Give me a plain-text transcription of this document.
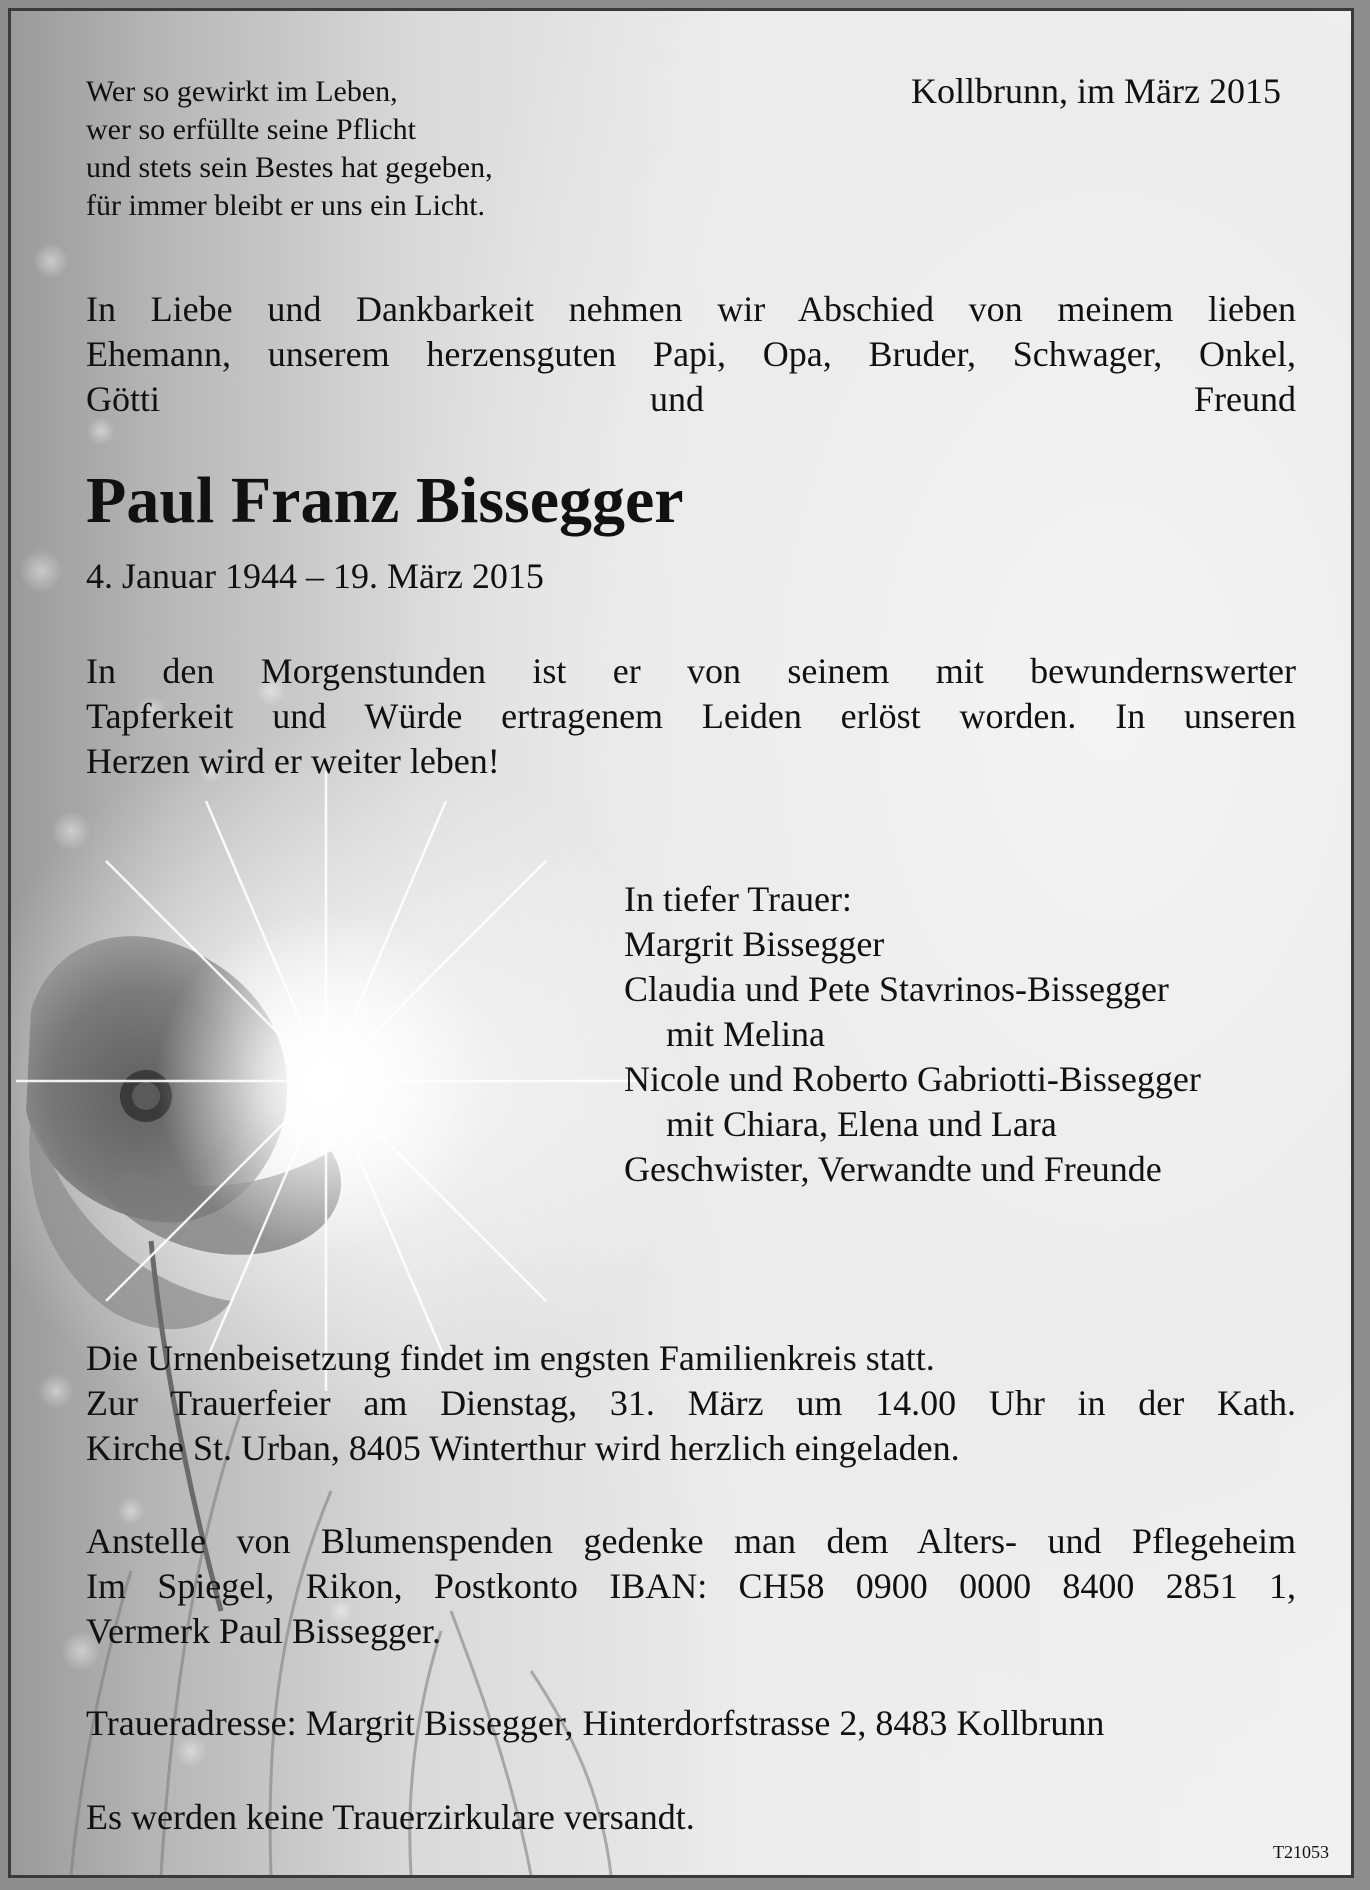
Wer so gewirkt im Leben,
wer so erfüllte seine Pflicht
und stets sein Bestes hat gegeben,
für immer bleibt er uns ein Licht.
Kollbrunn, im März 2015
In Liebe und Dankbarkeit nehmen wir Abschied von meinem lieben
Ehemann, unserem herzensguten Papi, Opa, Bruder, Schwager, Onkel,
Götti und Freund
Paul Franz Bissegger
4. Januar 1944 – 19. März 2015
In den Morgenstunden ist er von seinem mit bewundernswerter
Tapferkeit und Würde ertragenem Leiden erlöst worden. In unseren
Herzen wird er weiter leben!
In tiefer Trauer:
Margrit Bissegger
Claudia und Pete Stavrinos-Bissegger
mit Melina
Nicole und Roberto Gabriotti-Bissegger
mit Chiara, Elena und Lara
Geschwister, Verwandte und Freunde
Die Urnenbeisetzung findet im engsten Familienkreis statt.
Zur Trauerfeier am Dienstag, 31. März um 14.00 Uhr in der Kath.
Kirche St. Urban, 8405 Winterthur wird herzlich eingeladen.
Anstelle von Blumenspenden gedenke man dem Alters- und Pflegeheim
Im Spiegel, Rikon, Postkonto IBAN: CH58 0900 0000 8400 2851 1,
Vermerk Paul Bissegger.
Traueradresse: Margrit Bissegger, Hinterdorfstrasse 2, 8483 Kollbrunn
Es werden keine Trauerzirkulare versandt.
T21053
